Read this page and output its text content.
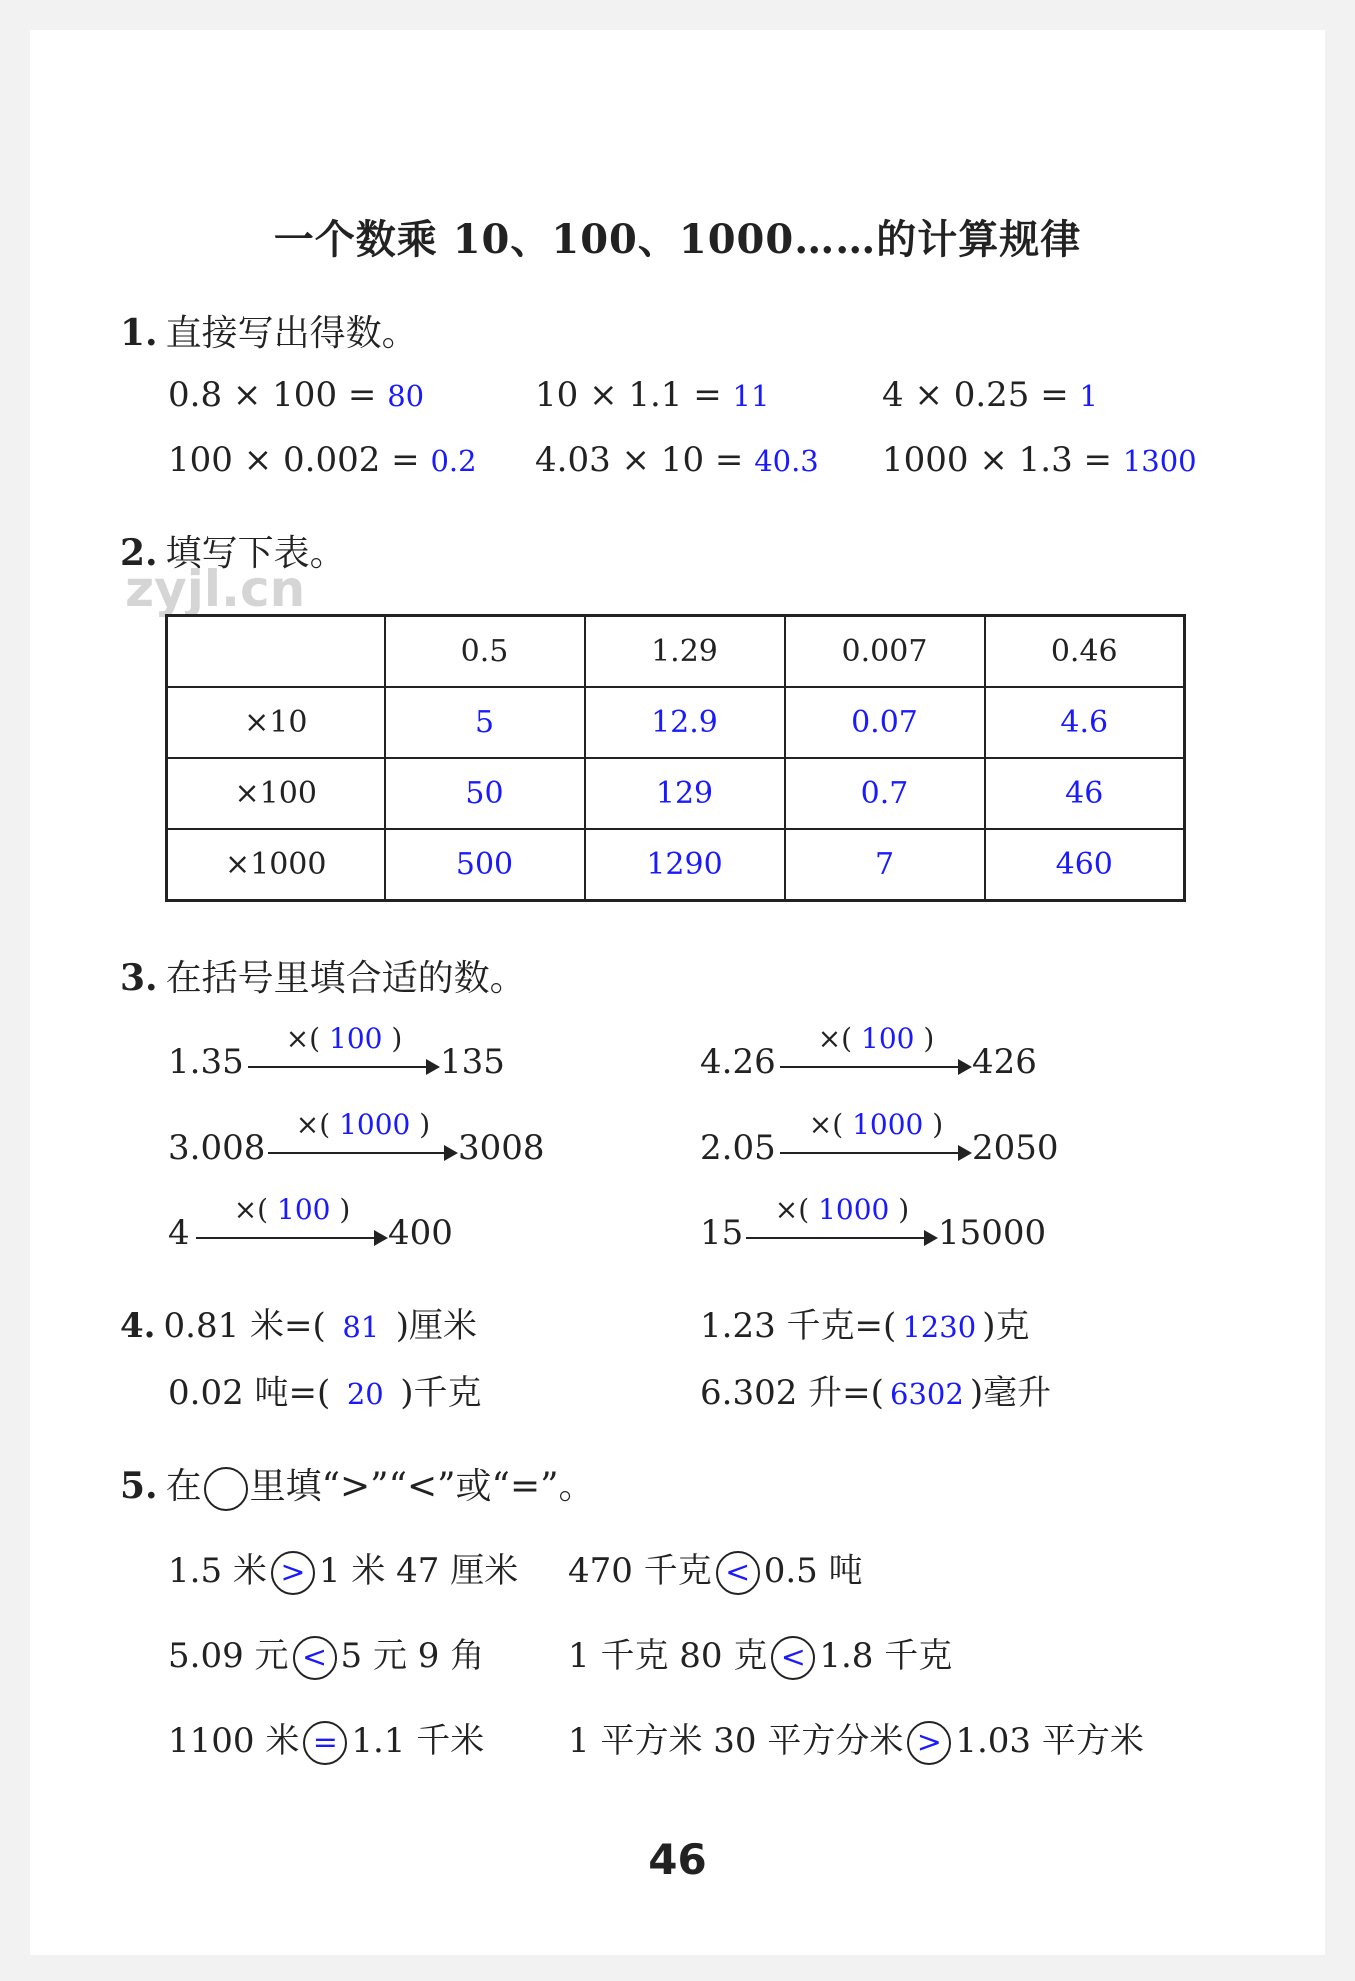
一个数乘 10、100、1000……的计算规律
1. 直接写出得数。
0.8 × 100 = 80	10 × 1.1 = 11	4 × 0.25 = 1
100 × 0.002 = 0.2 4.03 × 10 = 40.3 1000 × 1.3 = 1300
2. 填写下表。
zyjl.cn
	0.5	1.29	0.007	0.46
×10	5	12.9	0.07	4.6
×100	50	129	0.7	46
×1000	500	1290	7	460
3. 在括号里填合适的数。
1.35
×( 100 )
135	4.26
×( 100 )
426
3.008
×( 1000 )
3008	2.05
×( 1000 )
2050
4
×( 100 )
400	15
×( 1000 )
15000
4. 0.81 米=( 81 )厘米	1.23 千克=( 1230 )克
0.02 吨=( 20 )千克	6.302 升=( 6302 )毫升
5. 在 里填“>”“<”或“=”。
1.5 米 > 1 米 47 厘米 470 千克 < 0.5 吨
5.09 元 < 5 元 9 角 1 千克 80 克 < 1.8 千克
1100 米 = 1.1 千米 1 平方米 30 平方分米 > 1.03 平方米
46
